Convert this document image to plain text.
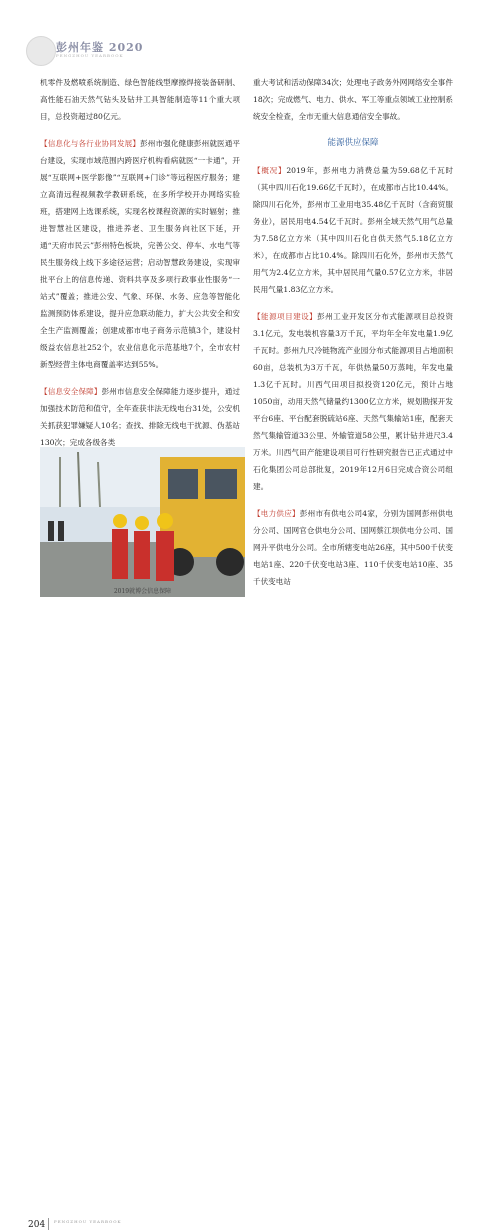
彭州年鉴 2020
PENGZHOU YEARBOOK

机零件及燃喷系统制造、绿色智能线型摩擦焊接装备研制、高性能石油天然气钻头及钻井工具智能制造等11个重大项目，总投资超过80亿元。

【信息化与各行业协同发展】彭州市强化健康彭州就医通平台建设，实现市域范围内跨医疗机构看病就医“一卡通”，开展“互联网+医学影像”“互联网+门诊”等远程医疗服务；建立高清远程视频教学教研系统，在多所学校开办网络实验班，搭建网上选课系统，实现名校课程资源的实时辐射；推进智慧社区建设，推进养老、卫生服务向社区下延，开通“天府市民云”彭州特色板块，完善公交、停车、水电气等民生服务线上线下多途径运营；启动智慧政务建设，实现审批平台上的信息传递、资料共享及多项行政事业性服务“一站式”覆盖；推进公安、气象、环保、水务、应急等智能化监测预防体系建设，提升应急联动能力，扩大公共安全和安全生产监测覆盖；创建成都市电子商务示范镇3个，建设村级益农信息社252个，农业信息化示范基地7个，全市农村新型经营主体电商覆盖率达到55%。

【信息安全保障】彭州市信息安全保障能力逐步提升，通过加强技术防范和值守，全年查获非法无线电台31处，公安机关抓获犯罪嫌疑人10名；查找、排除无线电干扰源、伪基站130次；完成各级各类

2019就博会信息保障

重大考试和活动保障34次；处理电子政务外网网络安全事件18次；完成燃气、电力、供水、军工等重点领域工业控制系统安全检查，全市无重大信息通信安全事故。

能源供应保障

【概况】2019年，彭州电力消费总量为59.68亿千瓦时（其中四川石化19.66亿千瓦时），在成都市占比10.44%。除四川石化外，彭州市工业用电35.48亿千瓦时（含商贸服务业），居民用电4.54亿千瓦时。彭州全域天然气用气总量为7.58亿立方米（其中四川石化自供天然气5.18亿立方米），在成都市占比10.4%。除四川石化外，彭州市天然气用气为2.4亿立方米，其中居民用气量0.57亿立方米，非居民用气量1.83亿立方米。

【能源项目建设】彭州工业开发区分布式能源项目总投资3.1亿元，发电装机容量3万千瓦，平均年全年发电量1.9亿千瓦时。彭州九尺冷链物流产业园分布式能源项目占地面积60亩，总装机为3万千瓦，年供热量50万蒸吨，年发电量1.3亿千瓦时。川西气田项目拟投资120亿元，预计占地1050亩，动用天然气储量约1300亿立方米，规划勘探开发平台6座、平台配套脱硫站6座、天然气集输站1座，配套天然气集输管道33公里、外输管道58公里，累计钻井进尺3.4万米。川西气田产能建设项目可行性研究报告已正式通过中石化集团公司总部批复，2019年12月6日完成合资公司组建。

【电力供应】彭州市有供电公司4家，分别为国网彭州供电分公司、国网官仓供电分公司、国网蔡江坝供电分公司、国网升平供电分公司。全市所辖变电站26座，其中500千伏变电站1座、220千伏变电站3座、110千伏变电站10座、35千伏变电站

204 PENGZHOU YEARBOOK
